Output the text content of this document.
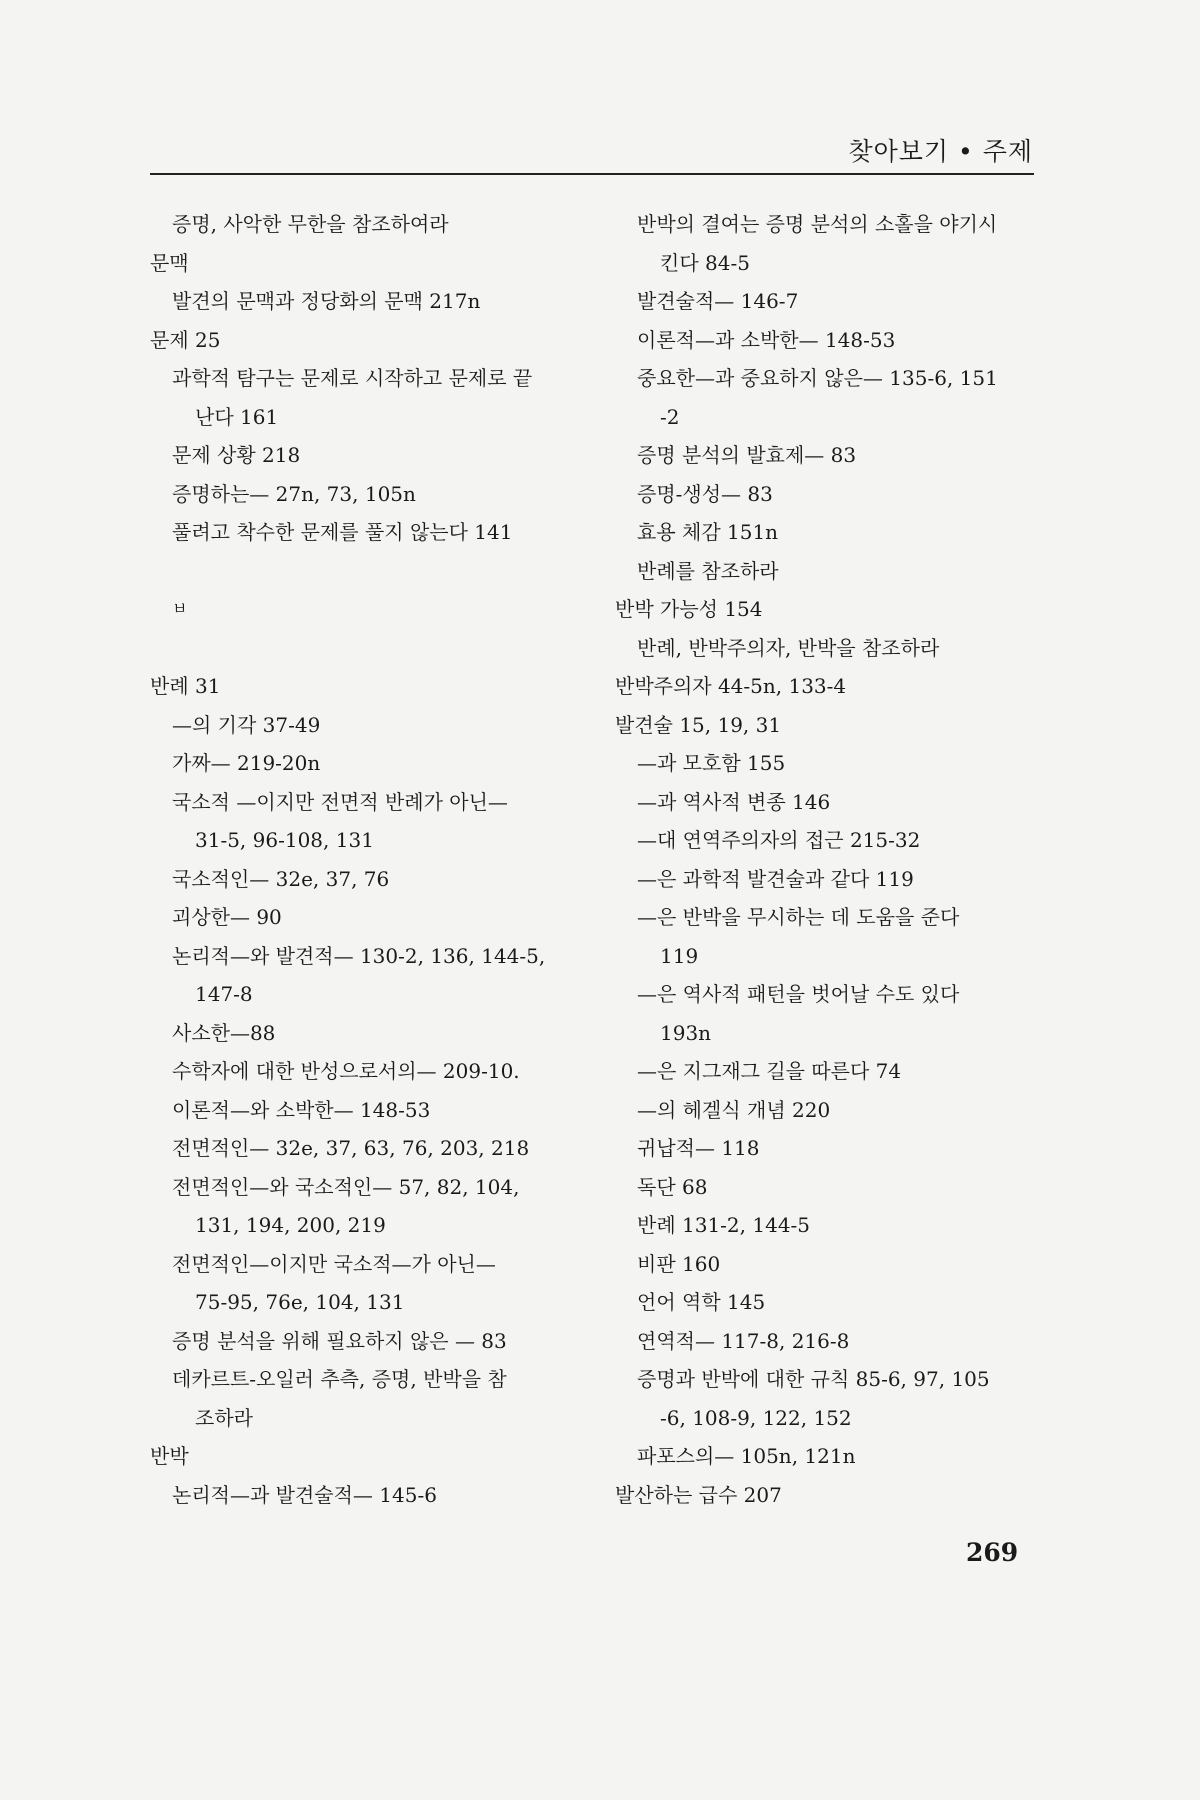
찾아보기 • 주제
증명, 사악한 무한을 참조하여라
문맥
발견의 문맥과 정당화의 문맥 217n
문제 25
과학적 탐구는 문제로 시작하고 문제로 끝
난다 161
문제 상황 218
증명하는— 27n, 73, 105n
풀려고 착수한 문제를 풀지 않는다 141
ㅂ
반례 31
—의 기각 37-49
가짜— 219-20n
국소적 —이지만 전면적 반례가 아닌—
31-5, 96-108, 131
국소적인— 32e, 37, 76
괴상한— 90
논리적—와 발견적— 130-2, 136, 144-5,
147-8
사소한—88
수학자에 대한 반성으로서의— 209-10.
이론적—와 소박한— 148-53
전면적인— 32e, 37, 63, 76, 203, 218
전면적인—와 국소적인— 57, 82, 104,
131, 194, 200, 219
전면적인—이지만 국소적—가 아닌—
75-95, 76e, 104, 131
증명 분석을 위해 필요하지 않은 — 83
데카르트-오일러 추측, 증명, 반박을 참
조하라
반박
논리적—과 발견술적— 145-6
반박의 결여는 증명 분석의 소홀을 야기시
킨다 84-5
발견술적— 146-7
이론적—과 소박한— 148-53
중요한—과 중요하지 않은— 135-6, 151
-2
증명 분석의 발효제— 83
증명-생성— 83
효용 체감 151n
반례를 참조하라
반박 가능성 154
반례, 반박주의자, 반박을 참조하라
반박주의자 44-5n, 133-4
발견술 15, 19, 31
—과 모호함 155
—과 역사적 변종 146
—대 연역주의자의 접근 215-32
—은 과학적 발견술과 같다 119
—은 반박을 무시하는 데 도움을 준다
119
—은 역사적 패턴을 벗어날 수도 있다
193n
—은 지그재그 길을 따른다 74
—의 헤겔식 개념 220
귀납적— 118
독단 68
반례 131-2, 144-5
비판 160
언어 역학 145
연역적— 117-8, 216-8
증명과 반박에 대한 규칙 85-6, 97, 105
-6, 108-9, 122, 152
파포스의— 105n, 121n
발산하는 급수 207
269
